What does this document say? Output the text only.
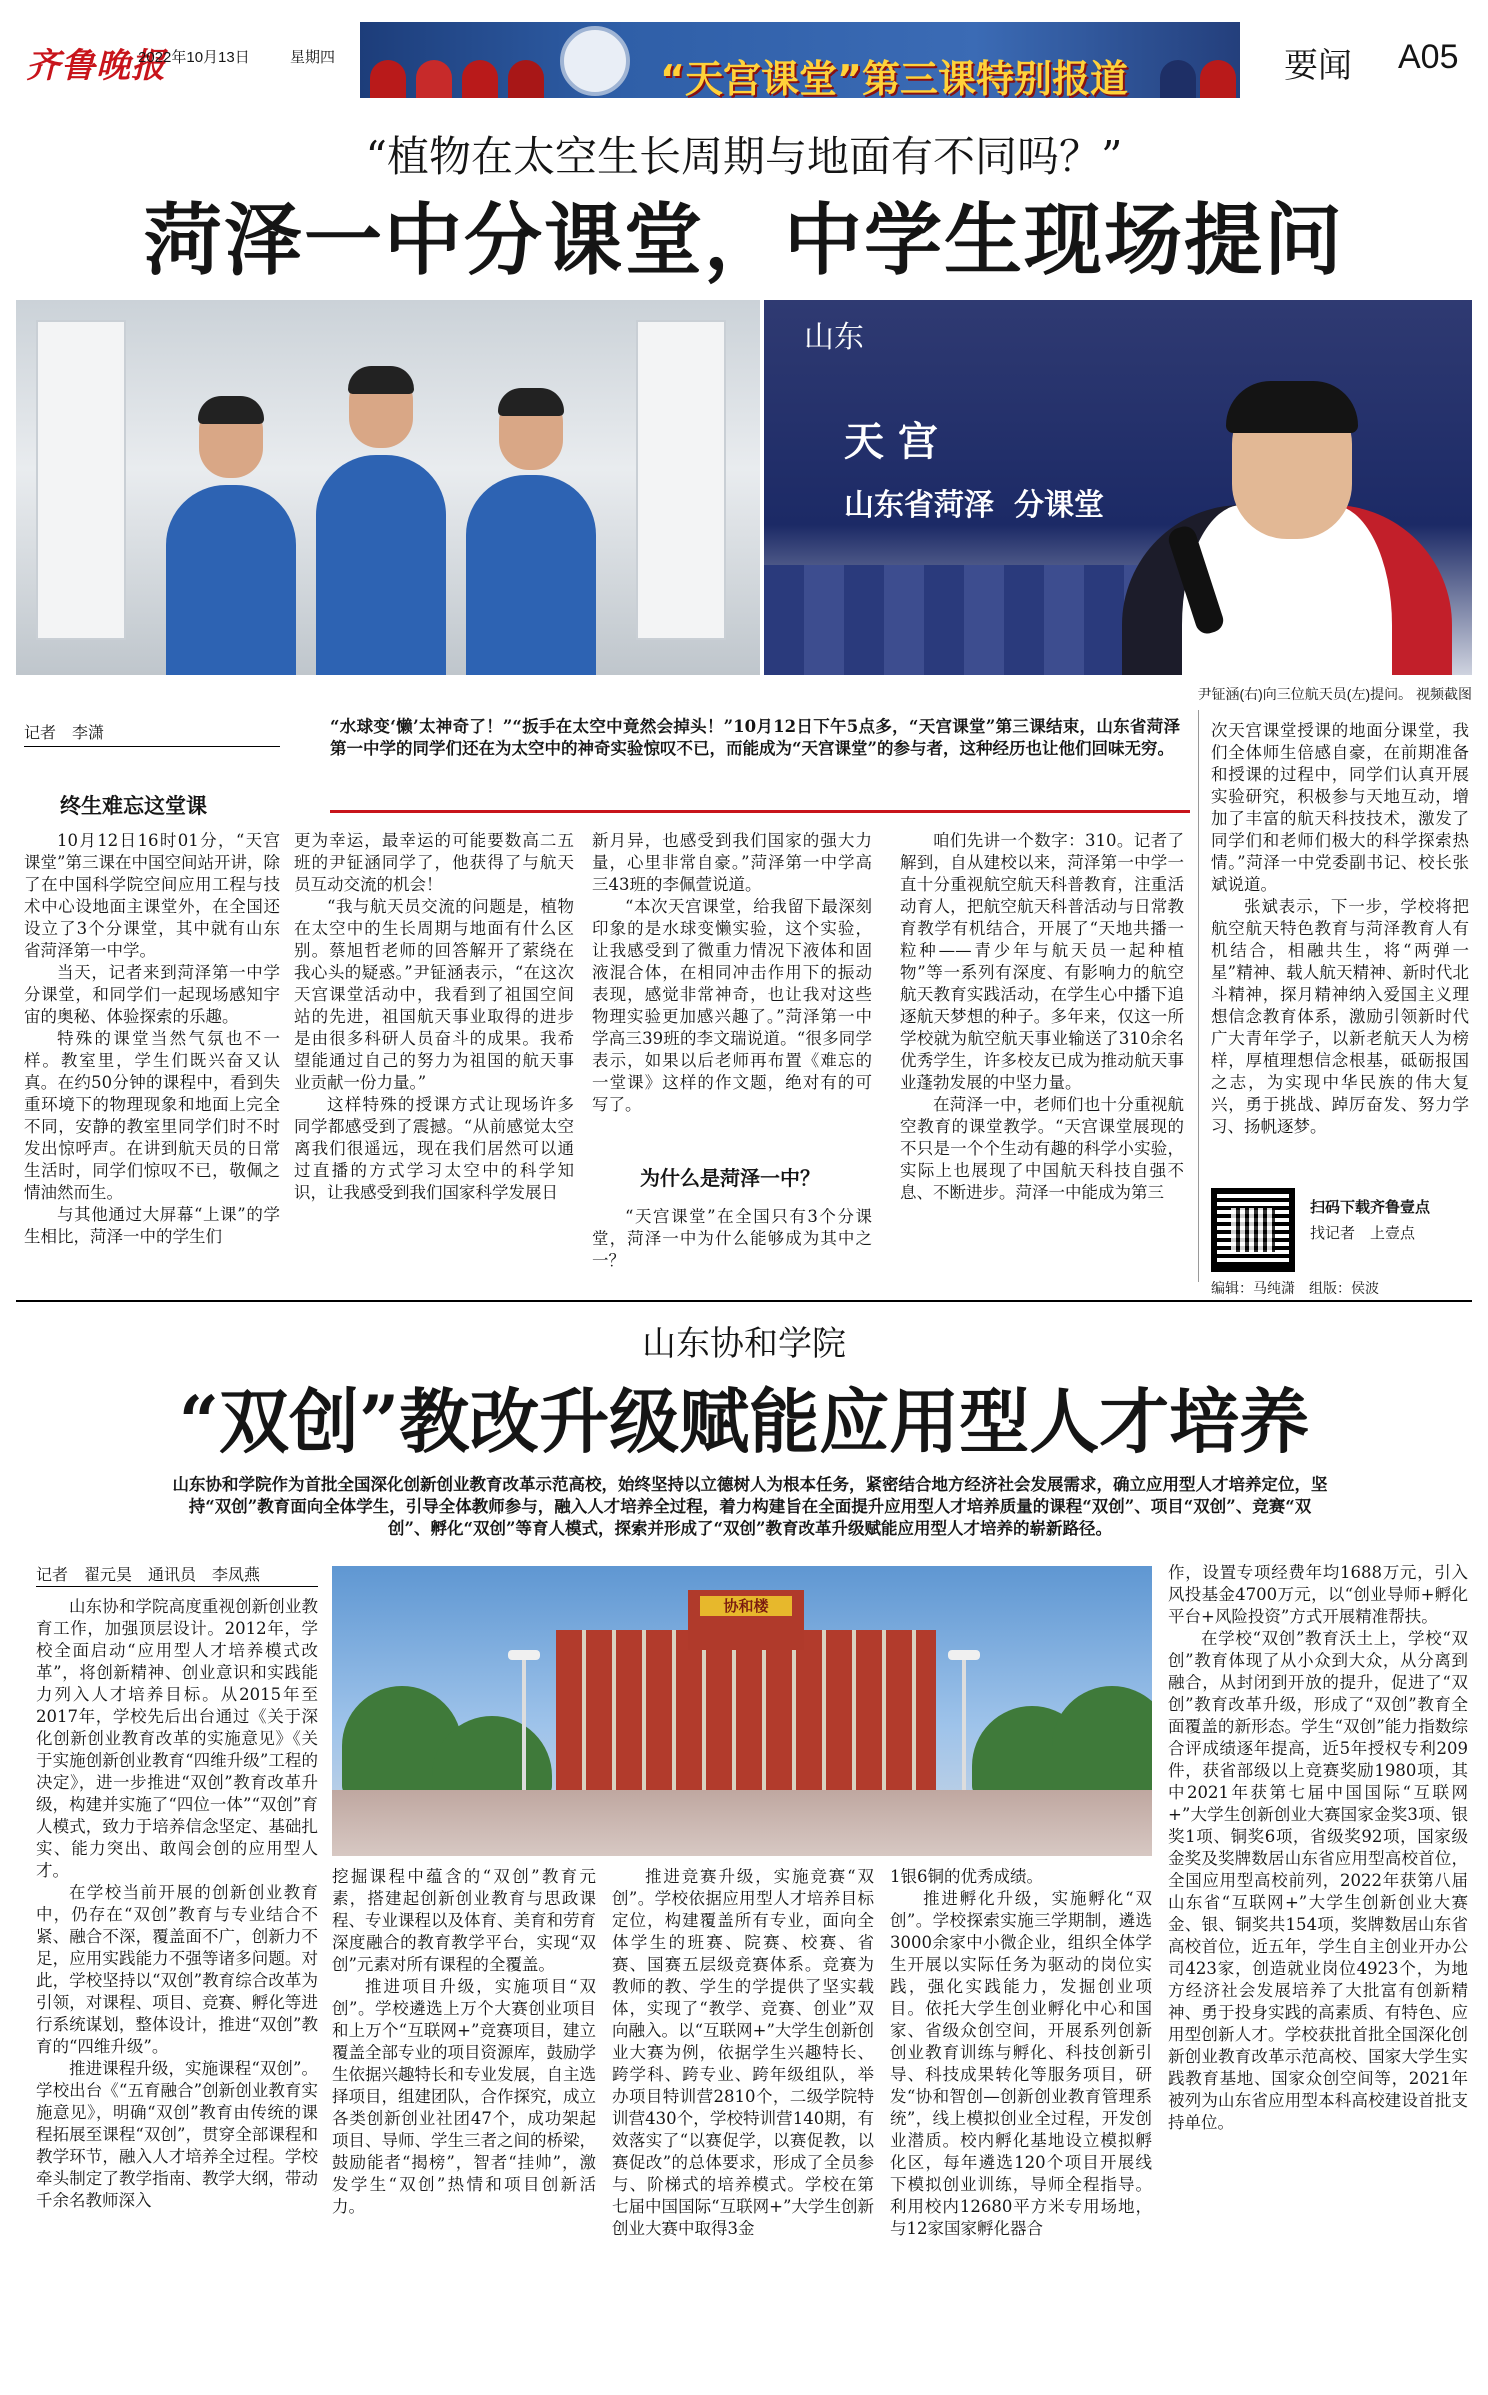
齐鲁晚报
2022年10月13日	星期四	“天宫课堂”第三课特别报道	要闻 A05
“植物在太空生长周期与地面有不同吗？”
菏泽一中分课堂，中学生现场提问
山东
天 宫
山东省菏泽 分课堂
尹钲涵(右)向三位航天员(左)提问。 视频截图
记者　李潇	“水球变‘懒’太神奇了！”“扳手在太空中竟然会掉头！”10月12日下午5点多，“天宫课堂”第三课结束，山东省菏泽第一中学的同学们还在为太空中的神奇实验惊叹不已，而能成为“天宫课堂”的参与者，这种经历也让他们回味无穷。
终生难忘这堂课

10月12日16时01分，“天宫课堂”第三课在中国空间站开讲，除了在中国科学院空间应用工程与技术中心设地面主课堂外，在全国还设立了3个分课堂，其中就有山东省菏泽第一中学。

当天，记者来到菏泽第一中学分课堂，和同学们一起现场感知宇宙的奥秘、体验探索的乐趣。

特殊的课堂当然气氛也不一样。教室里，学生们既兴奋又认真。在约50分钟的课程中，看到失重环境下的物理现象和地面上完全不同，安静的教室里同学们时不时发出惊呼声。在讲到航天员的日常生活时，同学们惊叹不已，敬佩之情油然而生。

与其他通过大屏幕“上课”的学生相比，菏泽一中的学生们

更为幸运，最幸运的可能要数高二五班的尹钲涵同学了，他获得了与航天员互动交流的机会！

“我与航天员交流的问题是，植物在太空中的生长周期与地面有什么区别。蔡旭哲老师的回答解开了萦绕在我心头的疑惑。”尹钲涵表示，“在这次天宫课堂活动中，我看到了祖国空间站的先进，祖国航天事业取得的进步是由很多科研人员奋斗的成果。我希望能通过自己的努力为祖国的航天事业贡献一份力量。”

这样特殊的授课方式让现场许多同学都感受到了震撼。“从前感觉太空离我们很遥远，现在我们居然可以通过直播的方式学习太空中的科学知识，让我感受到我们国家科学发展日

新月异，也感受到我们国家的强大力量，心里非常自豪。”菏泽第一中学高三43班的李佩萱说道。

“本次天宫课堂，给我留下最深刻印象的是水球变懒实验，这个实验，让我感受到了微重力情况下液体和固液混合体，在相同冲击作用下的振动表现，感觉非常神奇，也让我对这些物理实验更加感兴趣了。”菏泽第一中学高三39班的李文瑞说道。“很多同学表示，如果以后老师再布置《难忘的一堂课》这样的作文题，绝对有的可写了。

为什么是菏泽一中？

“天宫课堂”在全国只有3个分课堂，菏泽一中为什么能够成为其中之一？

咱们先讲一个数字：310。记者了解到，自从建校以来，菏泽第一中学一直十分重视航空航天科普教育，注重活动育人，把航空航天科普活动与日常教育教学有机结合，开展了“天地共播一粒种——青少年与航天员一起种植物”等一系列有深度、有影响力的航空航天教育实践活动，在学生心中播下追逐航天梦想的种子。多年来，仅这一所学校就为航空航天事业输送了310余名优秀学生，许多校友已成为推动航天事业蓬勃发展的中坚力量。

在菏泽一中，老师们也十分重视航空教育的课堂教学。“天宫课堂展现的不只是一个个生动有趣的科学小实验，实际上也展现了中国航天科技自强不息、不断进步。菏泽一中能成为第三

次天宫课堂授课的地面分课堂，我们全体师生倍感自豪，在前期准备和授课的过程中，同学们认真开展实验研究，积极参与天地互动，增加了丰富的航天科技技术，激发了同学们和老师们极大的科学探索热情。”菏泽一中党委副书记、校长张斌说道。

张斌表示，下一步，学校将把航空航天特色教育与菏泽教育人有机结合，相融共生，将“两弹一星”精神、载人航天精神、新时代北斗精神，探月精神纳入爱国主义理想信念教育体系，激励引领新时代广大青年学子，以新老航天人为榜样，厚植理想信念根基，砥砺报国之志，为实现中华民族的伟大复兴，勇于挑战、踔厉奋发、努力学习、扬帆逐梦。

扫码下载齐鲁壹点
找记者　上壹点
编辑：马纯潇　组版：侯波
山东协和学院
“双创”教改升级赋能应用型人才培养
山东协和学院作为首批全国深化创新创业教育改革示范高校，始终坚持以立德树人为根本任务，紧密结合地方经济社会发展需求，确立应用型人才培养定位，坚持“双创”教育面向全体学生，引导全体教师参与，融入人才培养全过程，着力构建旨在全面提升应用型人才培养质量的课程“双创”、项目“双创”、竞赛“双创”、孵化“双创”等育人模式，探索并形成了“双创”教育改革升级赋能应用型人才培养的崭新路径。
记者　翟元昊　通讯员　李凤燕
协和楼

山东协和学院高度重视创新创业教育工作，加强顶层设计。2012年，学校全面启动“应用型人才培养模式改革”，将创新精神、创业意识和实践能力列入人才培养目标。从2015年至2017年，学校先后出台通过《关于深化创新创业教育改革的实施意见》《关于实施创新创业教育“四维升级”工程的决定》，进一步推进“双创”教育改革升级，构建并实施了“四位一体”“双创”育人模式，致力于培养信念坚定、基础扎实、能力突出、敢闯会创的应用型人才。

在学校当前开展的创新创业教育中，仍存在“双创”教育与专业结合不紧、融合不深，覆盖面不广，创新力不足，应用实践能力不强等诸多问题。对此，学校坚持以“双创”教育综合改革为引领，对课程、项目、竞赛、孵化等进行系统谋划，整体设计，推进“双创”教育的“四维升级”。

推进课程升级，实施课程“双创”。学校出台《“五育融合”创新创业教育实施意见》，明确“双创”教育由传统的课程拓展至课程“双创”，贯穿全部课程和教学环节，融入人才培养全过程。学校牵头制定了教学指南、教学大纲，带动千余名教师深入

挖掘课程中蕴含的“双创”教育元素，搭建起创新创业教育与思政课程、专业课程以及体育、美育和劳育深度融合的教育教学平台，实现“双创”元素对所有课程的全覆盖。

推进项目升级，实施项目“双创”。学校遴选上万个大赛创业项目和上万个“互联网+”竞赛项目，建立覆盖全部专业的项目资源库，鼓励学生依据兴趣特长和专业发展，自主选择项目，组建团队，合作探究，成立各类创新创业社团47个，成功架起项目、导师、学生三者之间的桥梁，鼓励能者“揭榜”，智者“挂帅”，激发学生“双创”热情和项目创新活力。

推进竞赛升级，实施竞赛“双创”。学校依据应用型人才培养目标定位，构建覆盖所有专业，面向全体学生的班赛、院赛、校赛、省赛、国赛五层级竞赛体系。竞赛为教师的教、学生的学提供了坚实载体，实现了“教学、竞赛、创业”双向融入。以“互联网+”大学生创新创业大赛为例，依据学生兴趣特长、跨学科、跨专业、跨年级组队，举办项目特训营2810个，二级学院特训营430个，学校特训营140期，有效落实了“以赛促学，以赛促教，以赛促改”的总体要求，形成了全员参与、阶梯式的培养模式。学校在第七届中国国际“互联网+”大学生创新创业大赛中取得3金

1银6铜的优秀成绩。

推进孵化升级，实施孵化“双创”。学校探索实施三学期制，遴选3000余家中小微企业，组织全体学生开展以实际任务为驱动的岗位实践，强化实践能力，发掘创业项目。依托大学生创业孵化中心和国家、省级众创空间，开展系列创新创业教育训练与孵化、科技创新引导、科技成果转化等服务项目，研发“协和智创—创新创业教育管理系统”，线上模拟创业全过程，开发创业潜质。校内孵化基地设立模拟孵化区，每年遴选120个项目开展线下模拟创业训练，导师全程指导。利用校内12680平方米专用场地，与12家国家孵化器合

作，设置专项经费年均1688万元，引入风投基金4700万元，以“创业导师+孵化平台+风险投资”方式开展精准帮扶。

在学校“双创”教育沃土上，学校“双创”教育体现了从小众到大众，从分离到融合，从封闭到开放的提升，促进了“双创”教育改革升级，形成了“双创”教育全面覆盖的新形态。学生“双创”能力指数综合评成绩逐年提高，近5年授权专利209件，获省部级以上竞赛奖励1980项，其中2021年获第七届中国国际“互联网+”大学生创新创业大赛国家金奖3项、银奖1项、铜奖6项，省级奖92项，国家级金奖及奖牌数居山东省应用型高校首位，全国应用型高校前列，2022年获第八届山东省“互联网+”大学生创新创业大赛金、银、铜奖共154项，奖牌数居山东省高校首位，近五年，学生自主创业开办公司423家，创造就业岗位4923个，为地方经济社会发展培养了大批富有创新精神、勇于投身实践的高素质、有特色、应用型创新人才。学校获批首批全国深化创新创业教育改革示范高校、国家大学生实践教育基地、国家众创空间等，2021年被列为山东省应用型本科高校建设首批支持单位。
